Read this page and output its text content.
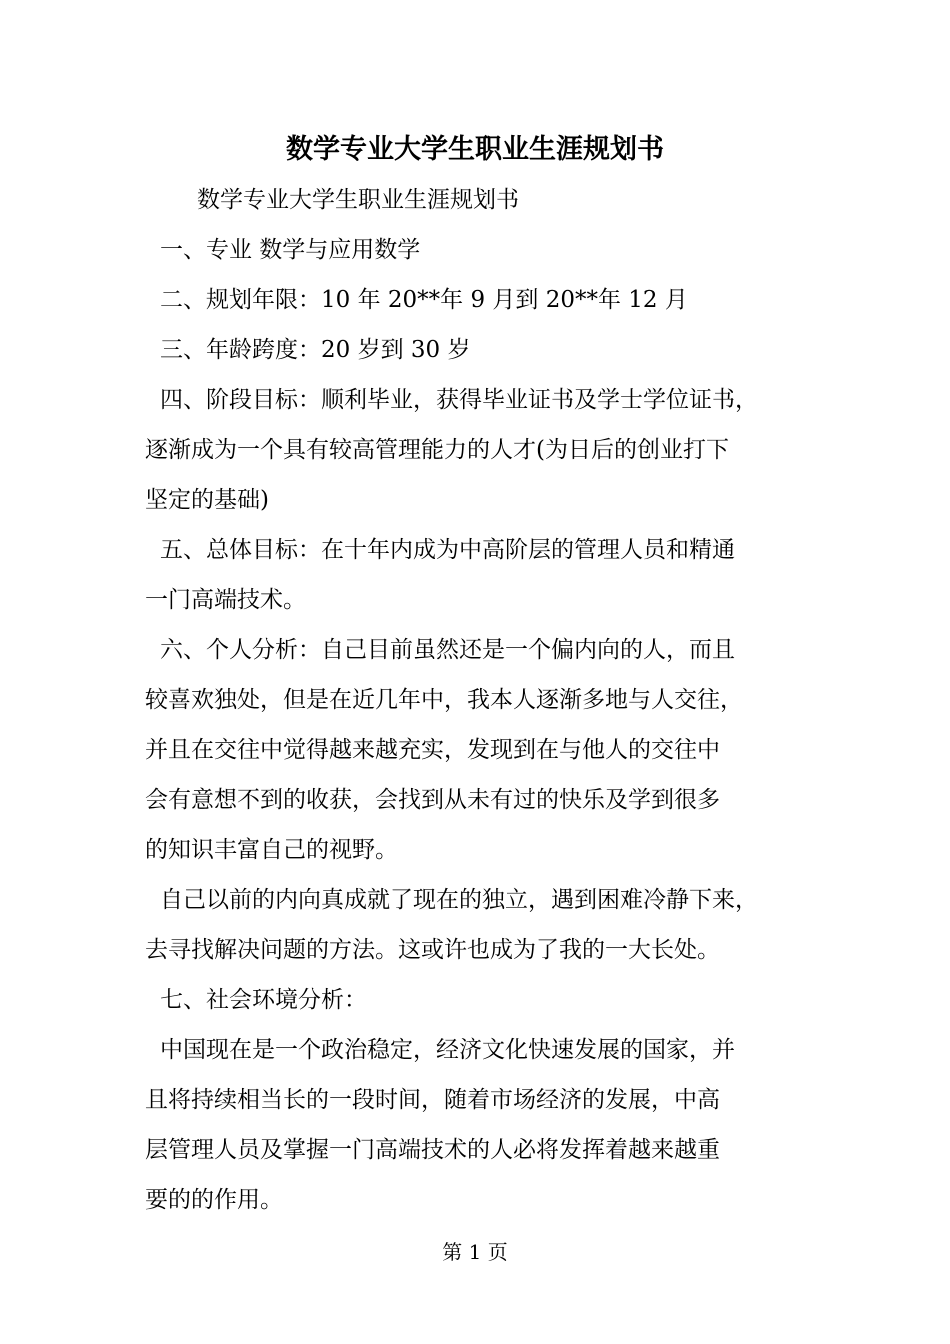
数学专业大学生职业生涯规划书
数学专业大学生职业生涯规划书
一、专业 数学与应用数学
二、规划年限：10 年 20**年 9 月到 20**年 12 月
三、年龄跨度：20 岁到 30 岁
四、阶段目标：顺利毕业，获得毕业证书及学士学位证书，
逐渐成为一个具有较高管理能力的人才(为日后的创业打下
坚定的基础)
五、总体目标：在十年内成为中高阶层的管理人员和精通
一门高端技术。
六、个人分析：自己目前虽然还是一个偏内向的人，而且
较喜欢独处，但是在近几年中，我本人逐渐多地与人交往，
并且在交往中觉得越来越充实，发现到在与他人的交往中
会有意想不到的收获，会找到从未有过的快乐及学到很多
的知识丰富自己的视野。
自己以前的内向真成就了现在的独立，遇到困难冷静下来，
去寻找解决问题的方法。这或许也成为了我的一大长处。
七、社会环境分析：
中国现在是一个政治稳定，经济文化快速发展的国家，并
且将持续相当长的一段时间，随着市场经济的发展，中高
层管理人员及掌握一门高端技术的人必将发挥着越来越重
要的的作用。
第 1 页
